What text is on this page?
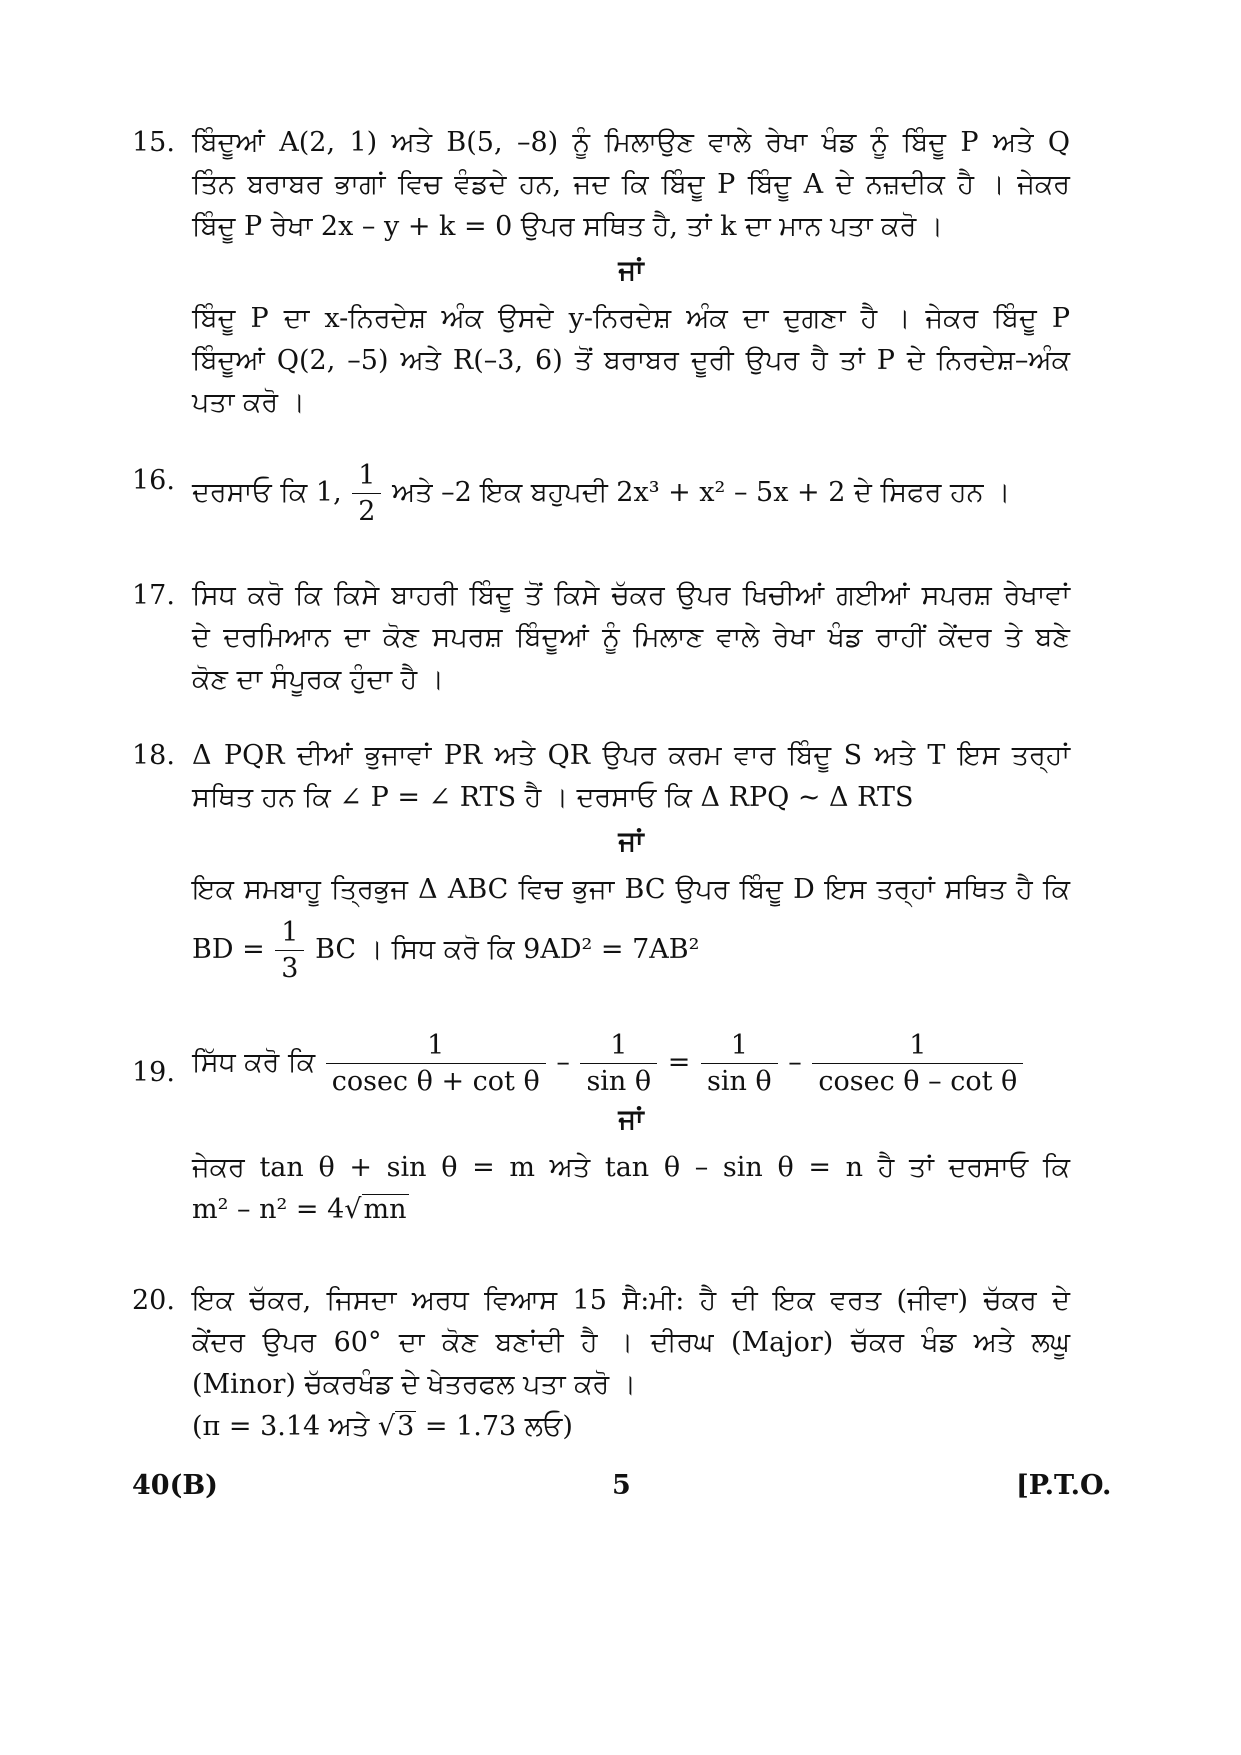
15. ਬਿੰਦੂਆਂ A(2, 1) ਅਤੇ B(5, –8) ਨੂੰ ਮਿਲਾਉਣ ਵਾਲੇ ਰੇਖਾ ਖੰਡ ਨੂੰ ਬਿੰਦੂ P ਅਤੇ Q
ਤਿੰਨ ਬਰਾਬਰ ਭਾਗਾਂ ਵਿਚ ਵੰਡਦੇ ਹਨ, ਜਦ ਕਿ ਬਿੰਦੂ P ਬਿੰਦੂ A ਦੇ ਨਜ਼ਦੀਕ ਹੈ । ਜੇਕਰ
ਬਿੰਦੂ P ਰੇਖਾ 2x – y + k = 0 ਉਪਰ ਸਥਿਤ ਹੈ, ਤਾਂ k ਦਾ ਮਾਨ ਪਤਾ ਕਰੋ ।
ਜਾਂ
ਬਿੰਦੂ P ਦਾ x-ਨਿਰਦੇਸ਼ ਅੰਕ ਉਸਦੇ y-ਨਿਰਦੇਸ਼ ਅੰਕ ਦਾ ਦੁਗਣਾ ਹੈ । ਜੇਕਰ ਬਿੰਦੂ P
ਬਿੰਦੂਆਂ Q(2, –5) ਅਤੇ R(–3, 6) ਤੋਂ ਬਰਾਬਰ ਦੂਰੀ ਉਪਰ ਹੈ ਤਾਂ P ਦੇ ਨਿਰਦੇਸ਼–ਅੰਕ
ਪਤਾ ਕਰੋ ।
16. ਦਰਸਾਓ ਕਿ 1, $\frac{1}{2}$ ਅਤੇ –2 ਇਕ ਬਹੁਪਦੀ 2x³ + x² – 5x + 2 ਦੇ ਸਿਫਰ ਹਨ ।
17. ਸਿਧ ਕਰੋ ਕਿ ਕਿਸੇ ਬਾਹਰੀ ਬਿੰਦੂ ਤੋਂ ਕਿਸੇ ਚੱਕਰ ਉਪਰ ਖਿਚੀਆਂ ਗਈਆਂ ਸਪਰਸ਼ ਰੇਖਾਵਾਂ
ਦੇ ਦਰਮਿਆਨ ਦਾ ਕੋਣ ਸਪਰਸ਼ ਬਿੰਦੂਆਂ ਨੂੰ ਮਿਲਾਣ ਵਾਲੇ ਰੇਖਾ ਖੰਡ ਰਾਹੀਂ ਕੇਂਦਰ ਤੇ ਬਣੇ
ਕੋਣ ਦਾ ਸੰਪੂਰਕ ਹੁੰਦਾ ਹੈ ।
18. Δ PQR ਦੀਆਂ ਭੁਜਾਵਾਂ PR ਅਤੇ QR ਉਪਰ ਕਰਮ ਵਾਰ ਬਿੰਦੂ S ਅਤੇ T ਇਸ ਤਰ੍ਹਾਂ
ਸਥਿਤ ਹਨ ਕਿ ∠ P = ∠ RTS ਹੈ । ਦਰਸਾਓ ਕਿ Δ RPQ ~ Δ RTS
ਜਾਂ
ਇਕ ਸਮਬਾਹੂ ਤ੍ਰਿਭੁਜ Δ ABC ਵਿਚ ਭੁਜਾ BC ਉਪਰ ਬਿੰਦੂ D ਇਸ ਤਰ੍ਹਾਂ ਸਥਿਤ ਹੈ ਕਿ
BD = $\frac{1}{3}$ BC । ਸਿਧ ਕਰੋ ਕਿ 9AD² = 7AB²
19. ਸਿੱਧ ਕਰੋ ਕਿ $\frac{1}{\text{cosec θ + cot θ}} - \frac{1}{\text{sin θ}} = \frac{1}{\text{sin θ}} - \frac{1}{\text{cosec θ – cot θ}}$
ਜਾਂ
ਜੇਕਰ tan θ + sin θ = m ਅਤੇ tan θ – sin θ = n ਹੈ ਤਾਂ ਦਰਸਾਓ ਕਿ
m² – n² = 4√mn
20. ਇਕ ਚੱਕਰ, ਜਿਸਦਾ ਅਰਧ ਵਿਆਸ 15 ਸੈ:ਮੀ: ਹੈ ਦੀ ਇਕ ਵਰਤ (ਜੀਵਾ) ਚੱਕਰ ਦੇ
ਕੇਂਦਰ ਉਪਰ 60° ਦਾ ਕੋਣ ਬਣਾਂਦੀ ਹੈ । ਦੀਰਘ (Major) ਚੱਕਰ ਖੰਡ ਅਤੇ ਲਘੂ
(Minor) ਚੱਕਰਖੰਡ ਦੇ ਖੇਤਰਫਲ ਪਤਾ ਕਰੋ ।
(π = 3.14 ਅਤੇ √3 = 1.73 ਲਓ)
40(B)	5	[P.T.O.
